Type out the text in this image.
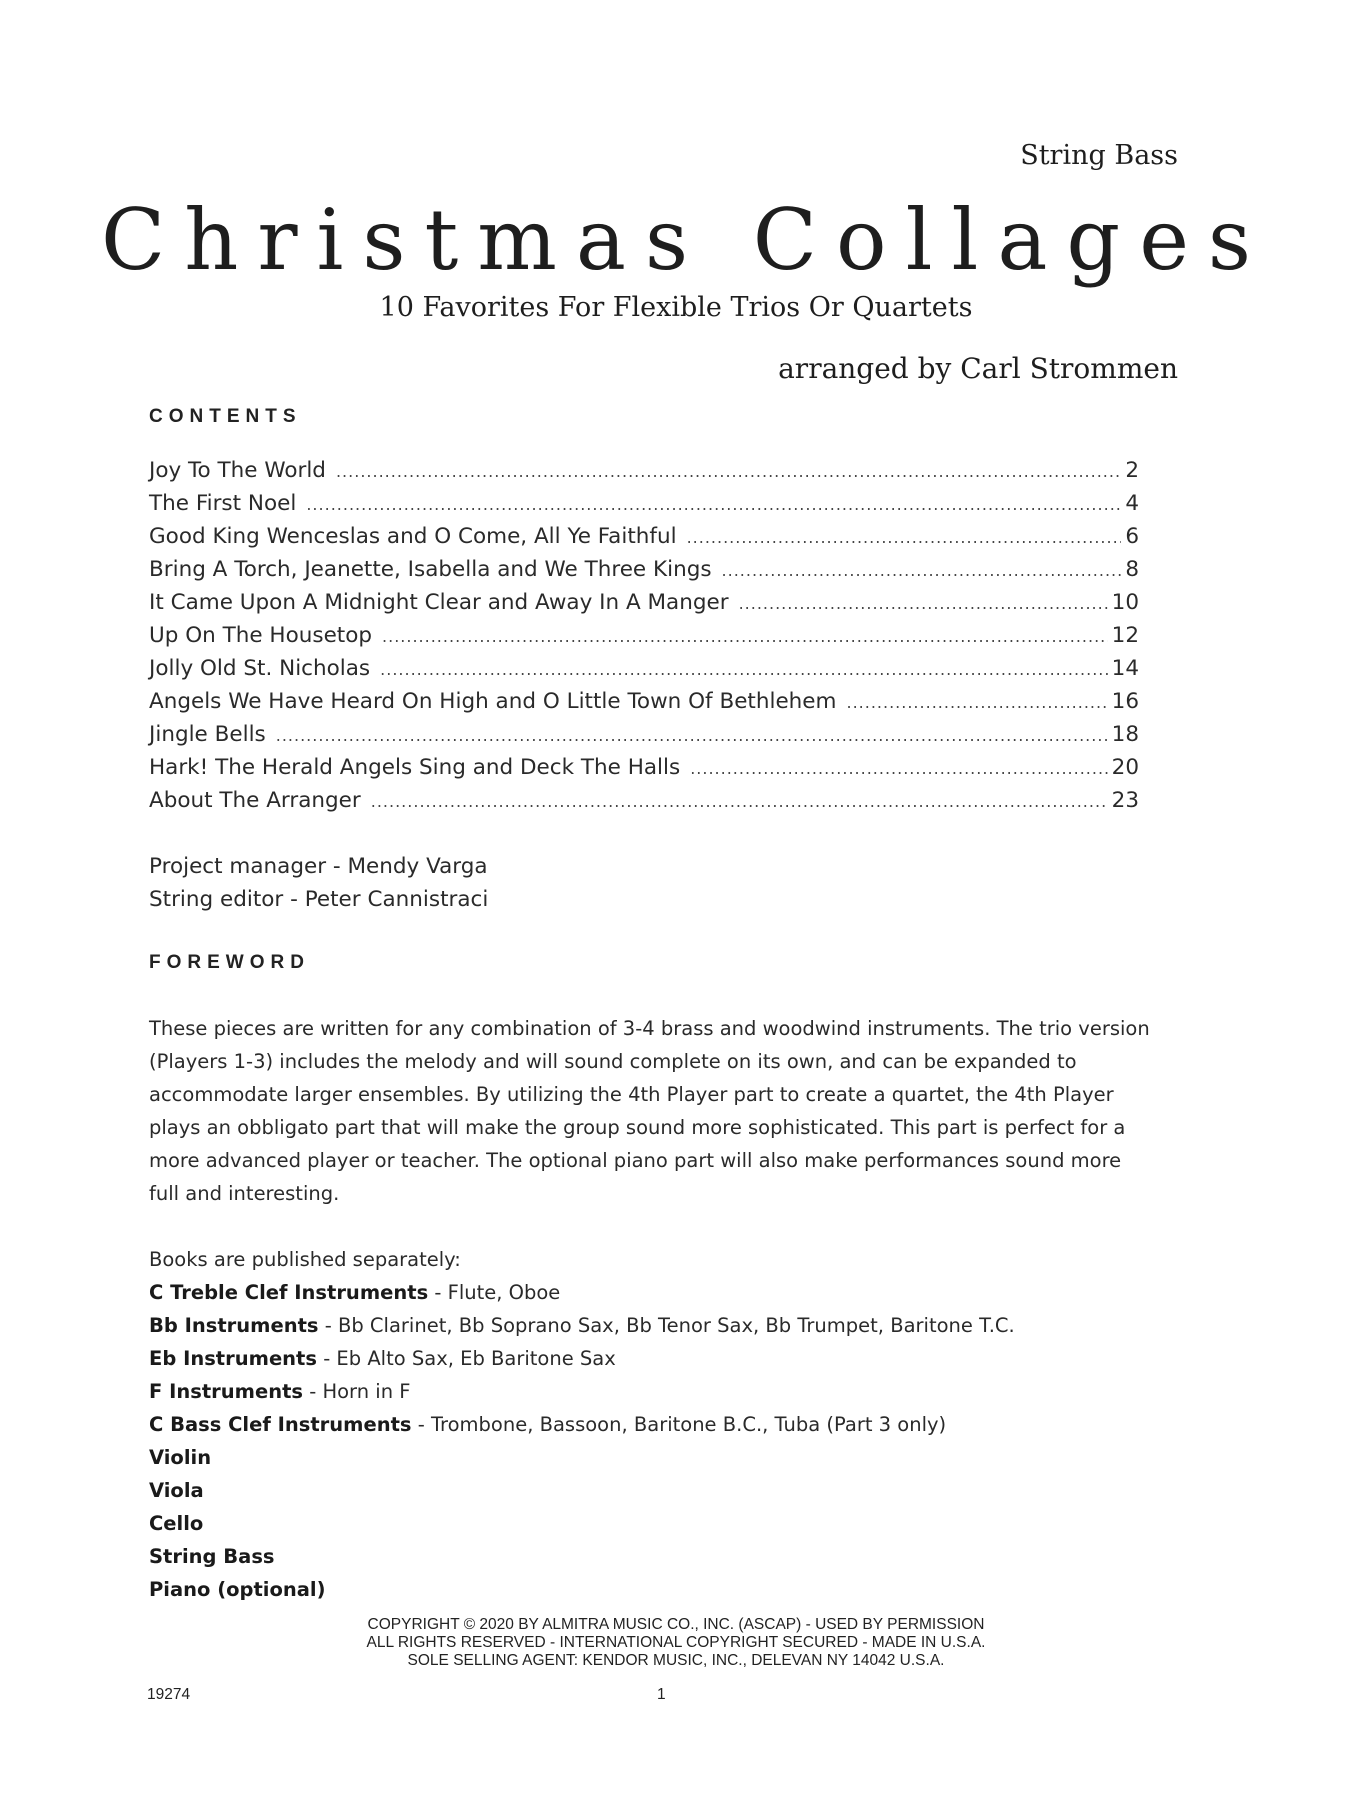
String Bass
Christmas Collages
10 Favorites For Flexible Trios Or Quartets
arranged by Carl Strommen
CONTENTS
Joy To The World .....	2
The First Noel .....	4
Good King Wenceslas and O Come, All Ye Faithful .....	6
Bring A Torch, Jeanette, Isabella and We Three Kings .....	8
It Came Upon A Midnight Clear and Away In A Manger .....	10
Up On The Housetop .....	12
Jolly Old St. Nicholas .....	14
Angels We Have Heard On High and O Little Town Of Bethlehem .....	16
Jingle Bells .....	18
Hark! The Herald Angels Sing and Deck The Halls .....	20
About The Arranger .....	23
Project manager - Mendy Varga
String editor - Peter Cannistraci
FOREWORD
These pieces are written for any combination of 3-4 brass and woodwind instruments. The trio version
(Players 1-3) includes the melody and will sound complete on its own, and can be expanded to
accommodate larger ensembles. By utilizing the 4th Player part to create a quartet, the 4th Player
plays an obbligato part that will make the group sound more sophisticated. This part is perfect for a
more advanced player or teacher. The optional piano part will also make performances sound more
full and interesting.
Books are published separately:
C Treble Clef Instruments - Flute, Oboe
Bb Instruments - Bb Clarinet, Bb Soprano Sax, Bb Tenor Sax, Bb Trumpet, Baritone T.C.
Eb Instruments - Eb Alto Sax, Eb Baritone Sax
F Instruments - Horn in F
C Bass Clef Instruments - Trombone, Bassoon, Baritone B.C., Tuba (Part 3 only)
Violin
Viola
Cello
String Bass
Piano (optional)
COPYRIGHT © 2020 BY ALMITRA MUSIC CO., INC. (ASCAP) - USED BY PERMISSION
ALL RIGHTS RESERVED - INTERNATIONAL COPYRIGHT SECURED - MADE IN U.S.A.
SOLE SELLING AGENT: KENDOR MUSIC, INC., DELEVAN NY 14042 U.S.A.
19274	1
